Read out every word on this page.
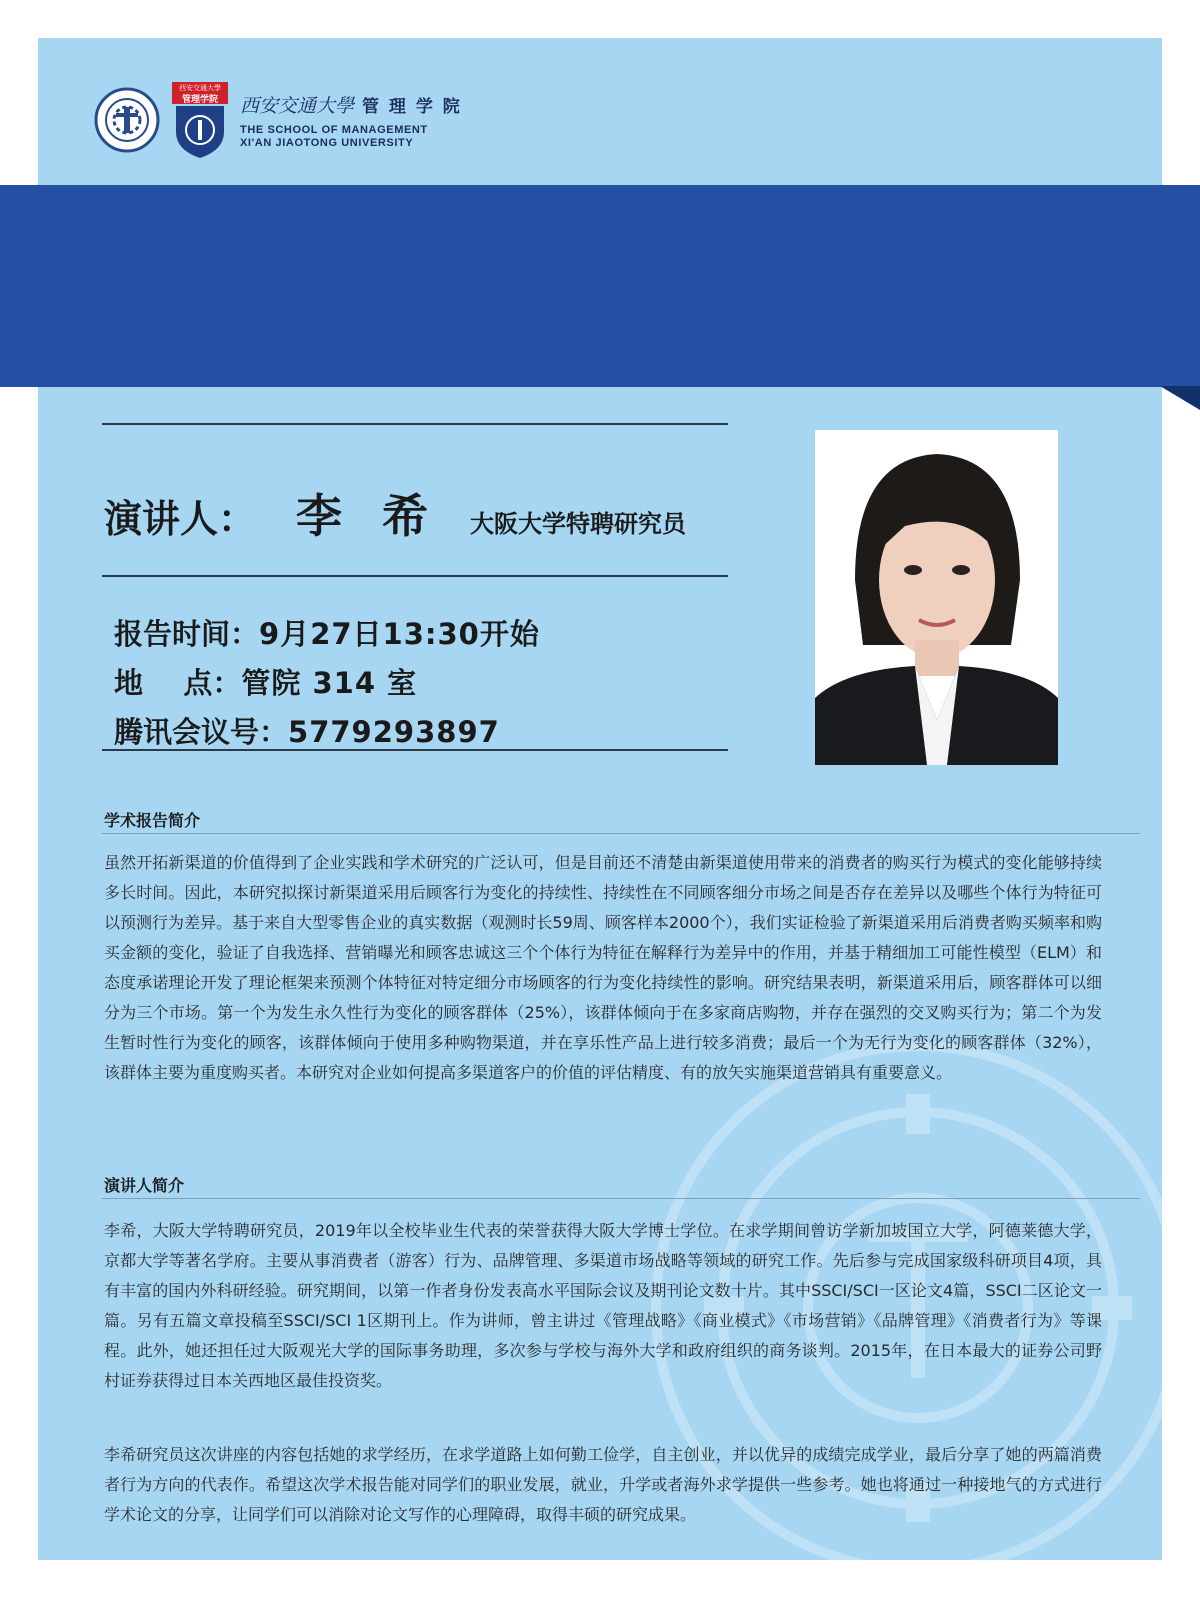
西安交通大學
管理学院	西安交通大學 管 理 学 院
THE SCHOOL OF MANAGEMENT
XI'AN JIAOTONG UNIVERSITY
演讲人： 李希 大阪大学特聘研究员
报告时间： 9月27日13:30开始
地    点： 管院 314 室
腾讯会议号： 5779293897
学术报告简介
虽然开拓新渠道的价值得到了企业实践和学术研究的广泛认可，但是目前还不清楚由新渠道使用带来的消费者的购买行为模式的变化能够持续多长时间。因此，本研究拟探讨新渠道采用后顾客行为变化的持续性、持续性在不同顾客细分市场之间是否存在差异以及哪些个体行为特征可以预测行为差异。基于来自大型零售企业的真实数据（观测时长59周、顾客样本2000个），我们实证检验了新渠道采用后消费者购买频率和购买金额的变化，验证了自我选择、营销曝光和顾客忠诚这三个个体行为特征在解释行为差异中的作用，并基于精细加工可能性模型（ELM）和态度承诺理论开发了理论框架来预测个体特征对特定细分市场顾客的行为变化持续性的影响。研究结果表明，新渠道采用后，顾客群体可以细分为三个市场。第一个为发生永久性行为变化的顾客群体（25%），该群体倾向于在多家商店购物，并存在强烈的交叉购买行为；第二个为发生暂时性行为变化的顾客，该群体倾向于使用多种购物渠道，并在享乐性产品上进行较多消费；最后一个为无行为变化的顾客群体（32%），该群体主要为重度购买者。本研究对企业如何提高多渠道客户的价值的评估精度、有的放矢实施渠道营销具有重要意义。
演讲人简介
李希，大阪大学特聘研究员，2019年以全校毕业生代表的荣誉获得大阪大学博士学位。在求学期间曾访学新加坡国立大学，阿德莱德大学，京都大学等著名学府。主要从事消费者（游客）行为、品牌管理、多渠道市场战略等领域的研究工作。先后参与完成国家级科研项目4项，具有丰富的国内外科研经验。研究期间，以第一作者身份发表高水平国际会议及期刊论文数十片。其中SSCI/SCI一区论文4篇，SSCI二区论文一篇。另有五篇文章投稿至SSCI/SCI 1区期刊上。作为讲师，曾主讲过《管理战略》《商业模式》《市场营销》《品牌管理》《消费者行为》等课程。此外，她还担任过大阪观光大学的国际事务助理，多次参与学校与海外大学和政府组织的商务谈判。2015年，在日本最大的证券公司野村证券获得过日本关西地区最佳投资奖。
李希研究员这次讲座的内容包括她的求学经历，在求学道路上如何勤工俭学，自主创业，并以优异的成绩完成学业，最后分享了她的两篇消费者行为方向的代表作。希望这次学术报告能对同学们的职业发展，就业，升学或者海外求学提供一些参考。她也将通过一种接地气的方式进行学术论文的分享，让同学们可以消除对论文写作的心理障碍，取得丰硕的研究成果。
